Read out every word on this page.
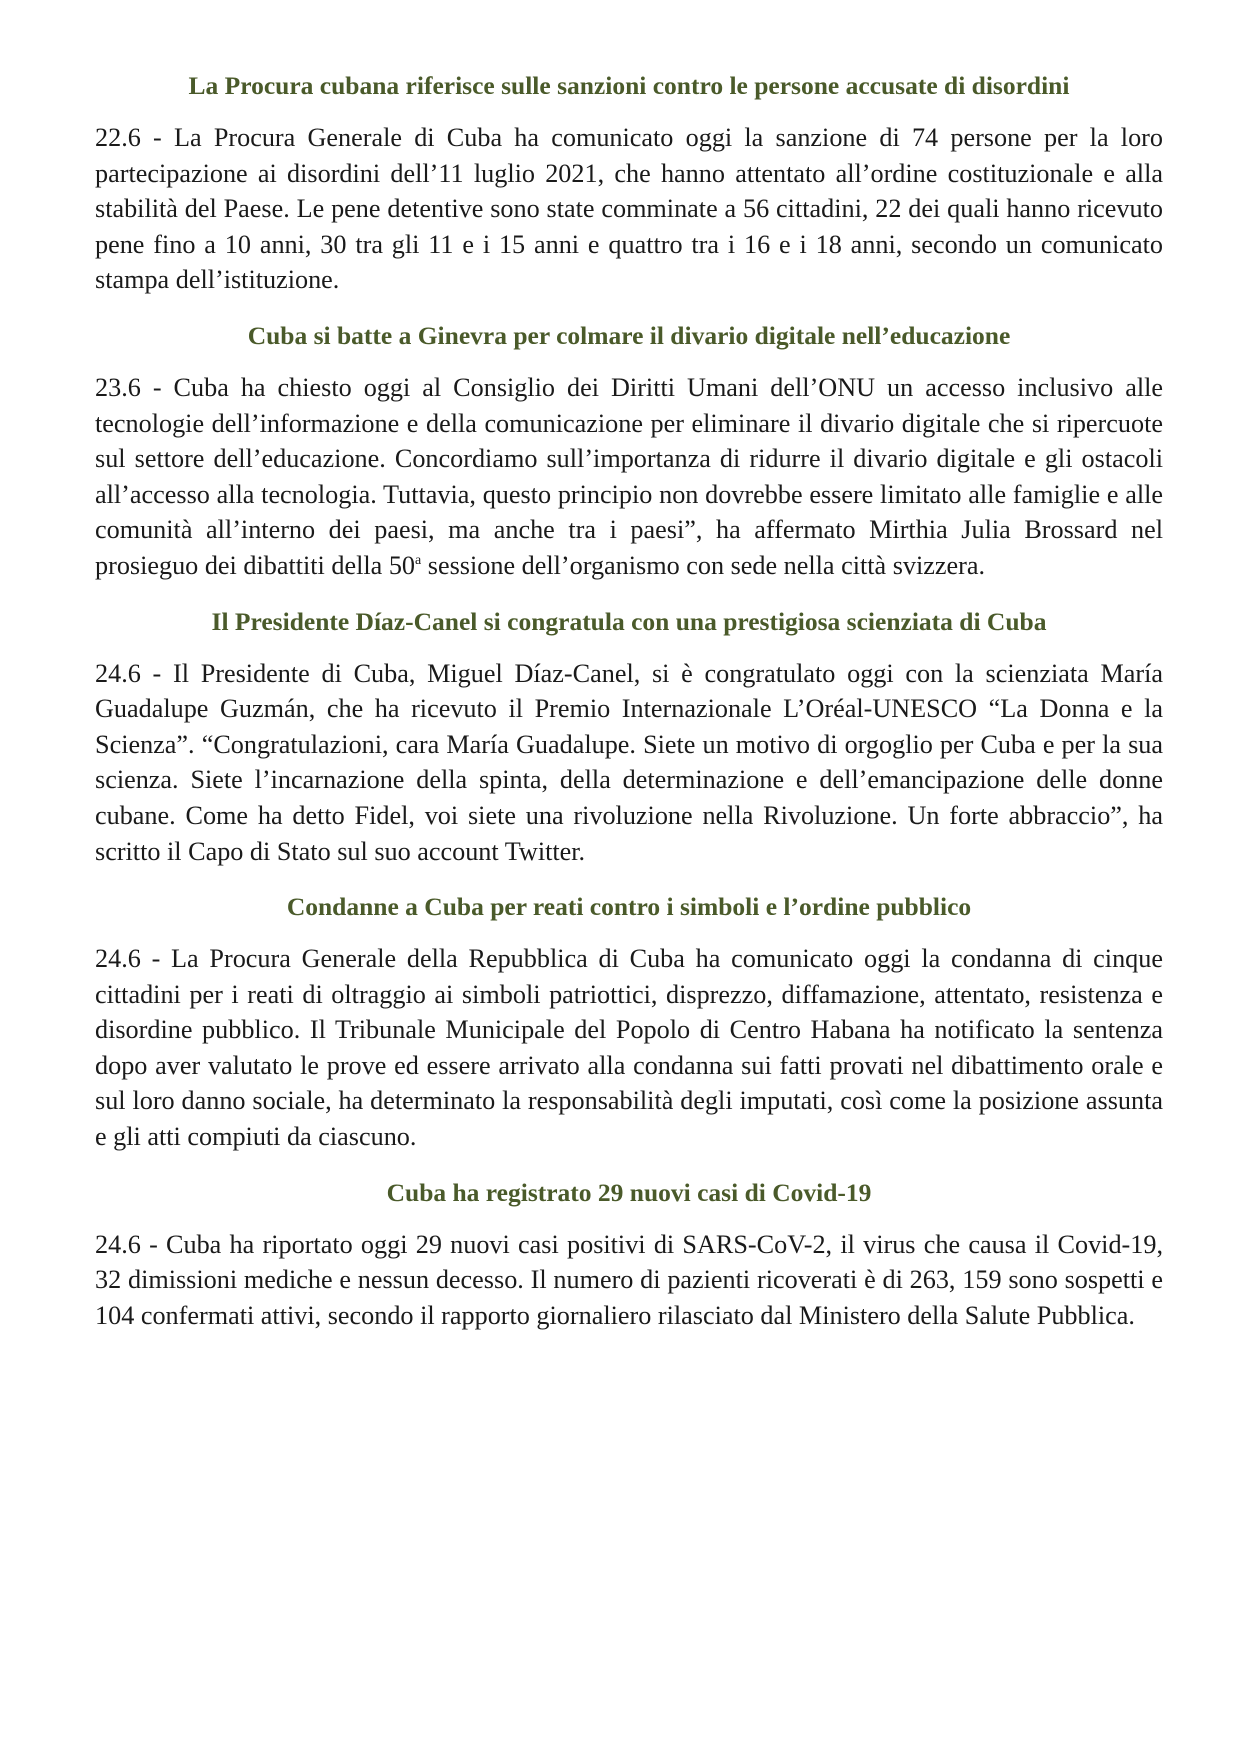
La Procura cubana riferisce sulle sanzioni contro le persone accusate di disordini

22.6 - La Procura Generale di Cuba ha comunicato oggi la sanzione di 74 persone per la loro partecipazione ai disordini dell’11 luglio 2021, che hanno attentato all’ordine costituzionale e alla stabilità del Paese. Le pene detentive sono state comminate a 56 cittadini, 22 dei quali hanno ricevuto pene fino a 10 anni, 30 tra gli 11 e i 15 anni e quattro tra i 16 e i 18 anni, secondo un comunicato stampa dell’istituzione.

Cuba si batte a Ginevra per colmare il divario digitale nell’educazione

23.6 - Cuba ha chiesto oggi al Consiglio dei Diritti Umani dell’ONU un accesso inclusivo alle tecnologie dell’informazione e della comunicazione per eliminare il divario digitale che si ripercuote sul settore dell’educazione. Concordiamo sull’importanza di ridurre il divario digitale e gli ostacoli all’accesso alla tecnologia. Tuttavia, questo principio non dovrebbe essere limitato alle famiglie e alle comunità all’interno dei paesi, ma anche tra i paesi”, ha affermato Mirthia Julia Brossard nel prosieguo dei dibattiti della 50$^a$ sessione dell’organismo con sede nella città svizzera.

Il Presidente Díaz-Canel si congratula con una prestigiosa scienziata di Cuba

24.6 - Il Presidente di Cuba, Miguel Díaz-Canel, si è congratulato oggi con la scienziata María Guadalupe Guzmán, che ha ricevuto il Premio Internazionale L’Oréal-UNESCO “La Donna e la Scienza”. “Congratulazioni, cara María Guadalupe. Siete un motivo di orgoglio per Cuba e per la sua scienza. Siete l’incarnazione della spinta, della determinazione e dell’emancipazione delle donne cubane. Come ha detto Fidel, voi siete una rivoluzione nella Rivoluzione. Un forte abbraccio”, ha scritto il Capo di Stato sul suo account Twitter.

Condanne a Cuba per reati contro i simboli e l’ordine pubblico

24.6 - La Procura Generale della Repubblica di Cuba ha comunicato oggi la condanna di cinque cittadini per i reati di oltraggio ai simboli patriottici, disprezzo, diffamazione, attentato, resistenza e disordine pubblico. Il Tribunale Municipale del Popolo di Centro Habana ha notificato la sentenza dopo aver valutato le prove ed essere arrivato alla condanna sui fatti provati nel dibattimento orale e sul loro danno sociale, ha determinato la responsabilità degli imputati, così come la posizione assunta e gli atti compiuti da ciascuno.

Cuba ha registrato 29 nuovi casi di Covid-19

24.6 - Cuba ha riportato oggi 29 nuovi casi positivi di SARS-CoV-2, il virus che causa il Covid-19, 32 dimissioni mediche e nessun decesso. Il numero di pazienti ricoverati è di 263, 159 sono sospetti e 104 confermati attivi, secondo il rapporto giornaliero rilasciato dal Ministero della Salute Pubblica.
